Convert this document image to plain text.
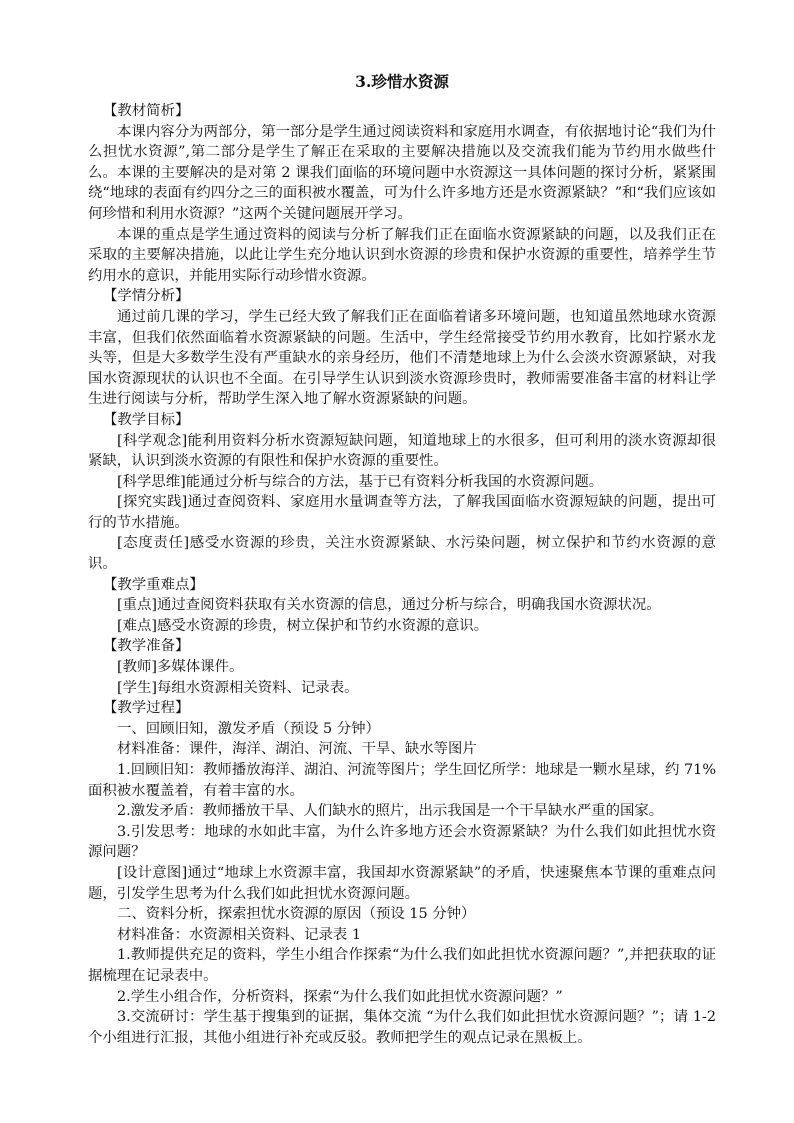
3.珍惜水资源

【教材简析】

本课内容分为两部分，第一部分是学生通过阅读资料和家庭用水调查，有依据地讨论“我们为什么担忧水资源”,第二部分是学生了解正在采取的主要解决措施以及交流我们能为节约用水做些什么。本课的主要解决的是对第 2 课我们面临的环境问题中水资源这一具体问题的探讨分析，紧紧围绕“地球的表面有约四分之三的面积被水覆盖，可为什么许多地方还是水资源紧缺？”和“我们应该如何珍惜和利用水资源？”这两个关键问题展开学习。

本课的重点是学生通过资料的阅读与分析了解我们正在面临水资源紧缺的问题，以及我们正在采取的主要解决措施，以此让学生充分地认识到水资源的珍贵和保护水资源的重要性，培养学生节约用水的意识，并能用实际行动珍惜水资源。

【学情分析】

通过前几课的学习，学生已经大致了解我们正在面临着诸多环境问题，也知道虽然地球水资源丰富，但我们依然面临着水资源紧缺的问题。生活中，学生经常接受节约用水教育，比如拧紧水龙头等，但是大多数学生没有严重缺水的亲身经历，他们不清楚地球上为什么会淡水资源紧缺，对我国水资源现状的认识也不全面。在引导学生认识到淡水资源珍贵时，教师需要准备丰富的材料让学生进行阅读与分析，帮助学生深入地了解水资源紧缺的问题。

【教学目标】

[科学观念]能利用资料分析水资源短缺问题，知道地球上的水很多，但可利用的淡水资源却很紧缺，认识到淡水资源的有限性和保护水资源的重要性。

[科学思维]能通过分析与综合的方法，基于已有资料分析我国的水资源问题。

[探究实践]通过查阅资料、家庭用水量调查等方法，了解我国面临水资源短缺的问题，提出可行的节水措施。

[态度责任]感受水资源的珍贵，关注水资源紧缺、水污染问题，树立保护和节约水资源的意识。

【教学重难点】

[重点]通过查阅资料获取有关水资源的信息，通过分析与综合，明确我国水资源状况。

[难点]感受水资源的珍贵，树立保护和节约水资源的意识。

【教学准备】

[教师]多媒体课件。

[学生]每组水资源相关资料、记录表。

【教学过程】

一、回顾旧知，激发矛盾（预设 5 分钟）

材料准备：课件，海洋、湖泊、河流、干旱、缺水等图片

1.回顾旧知：教师播放海洋、湖泊、河流等图片；学生回忆所学：地球是一颗水星球，约 71%面积被水覆盖着，有着丰富的水。

2.激发矛盾：教师播放干旱、人们缺水的照片，出示我国是一个干旱缺水严重的国家。

3.引发思考：地球的水如此丰富，为什么许多地方还会水资源紧缺？为什么我们如此担忧水资源问题？

[设计意图]通过“地球上水资源丰富，我国却水资源紧缺”的矛盾，快速聚焦本节课的重难点问题，引发学生思考为什么我们如此担忧水资源问题。

二、资料分析，探索担忧水资源的原因（预设 15 分钟）

材料准备：水资源相关资料、记录表 1

1.教师提供充足的资料，学生小组合作探索“为什么我们如此担忧水资源问题？”,并把获取的证据梳理在记录表中。

2.学生小组合作，分析资料，探索“为什么我们如此担忧水资源问题？”

3.交流研讨：学生基于搜集到的证据，集体交流 “为什么我们如此担忧水资源问题？”；请 1-2 个小组进行汇报，其他小组进行补充或反驳。教师把学生的观点记录在黑板上。
